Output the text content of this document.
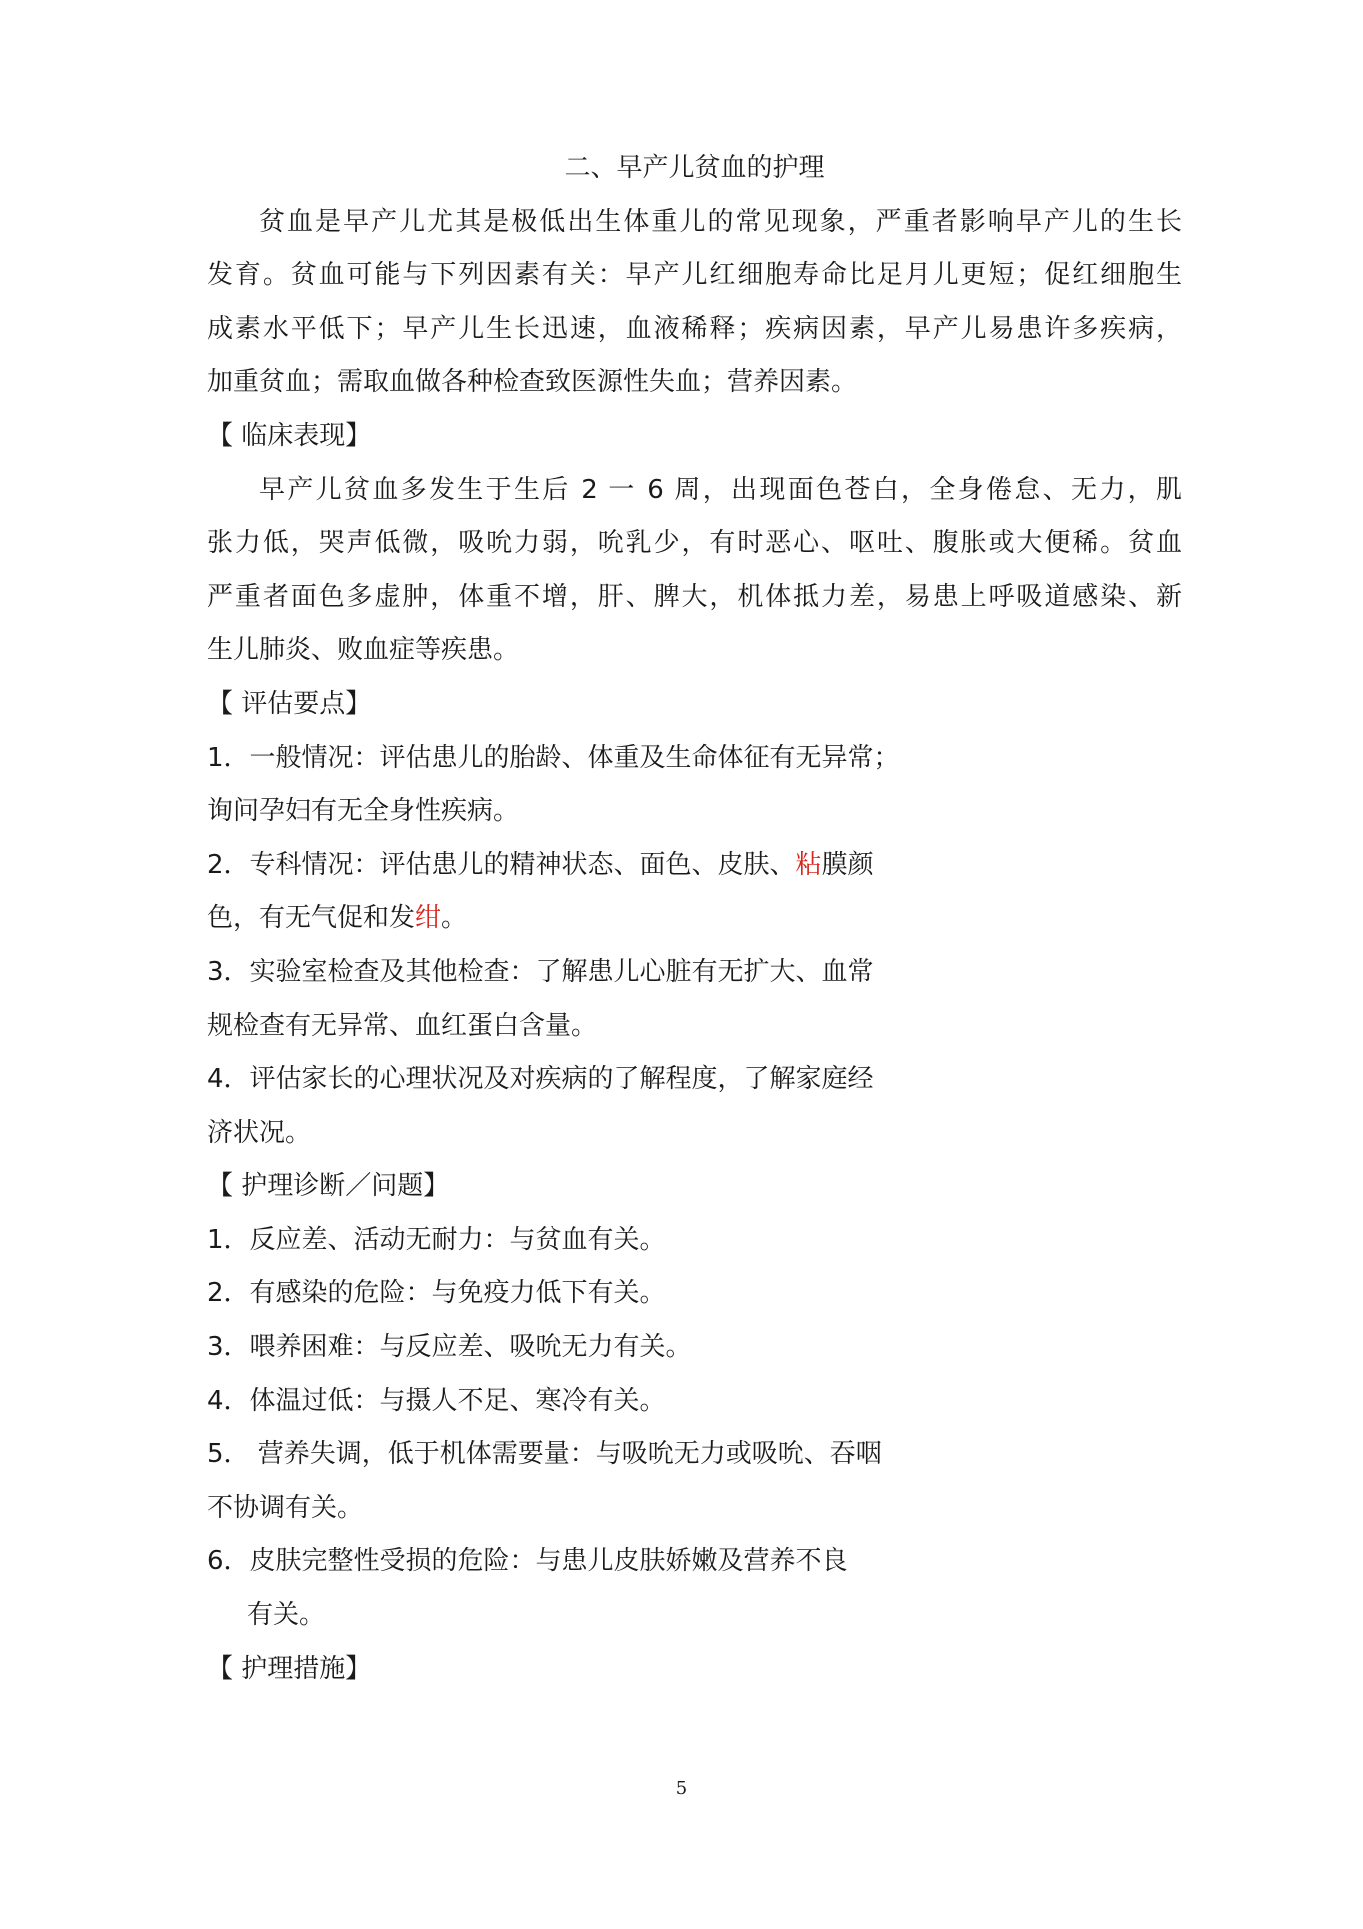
二、早产儿贫血的护理
贫血是早产儿尤其是极低出生体重儿的常见现象，严重者影响早产儿的生长
发育。贫血可能与下列因素有关：早产儿红细胞寿命比足月儿更短；促红细胞生
成素水平低下；早产儿生长迅速，血液稀释；疾病因素，早产儿易患许多疾病，
加重贫血；需取血做各种检查致医源性失血；营养因素。
【 临床表现】
早产儿贫血多发生于生后 2 一 6 周，出现面色苍白，全身倦怠、无力，肌
张力低，哭声低微，吸吮力弱，吮乳少，有时恶心、呕吐、腹胀或大便稀。贫血
严重者面色多虚肿，体重不增，肝、脾大，机体抵力差，易患上呼吸道感染、新
生儿肺炎、败血症等疾患。
【 评估要点】
1．一般情况：评估患儿的胎龄、体重及生命体征有无异常；
询问孕妇有无全身性疾病。
2．专科情况：评估患儿的精神状态、面色、皮肤、粘膜颜
色，有无气促和发绀。
3．实验室检查及其他检查：了解患儿心脏有无扩大、血常
规检查有无异常、血红蛋白含量。
4．评估家长的心理状况及对疾病的了解程度，了解家庭经
济状况。
【 护理诊断／问题】
1．反应差、活动无耐力：与贫血有关。
2．有感染的危险：与免疫力低下有关。
3．喂养困难：与反应差、吸吮无力有关。
4．体温过低：与摄人不足、寒冷有关。
5． 营养失调，低于机体需要量：与吸吮无力或吸吮、吞咽
不协调有关。
6．皮肤完整性受损的危险：与患儿皮肤娇嫩及营养不良
有关。
【 护理措施】
5
